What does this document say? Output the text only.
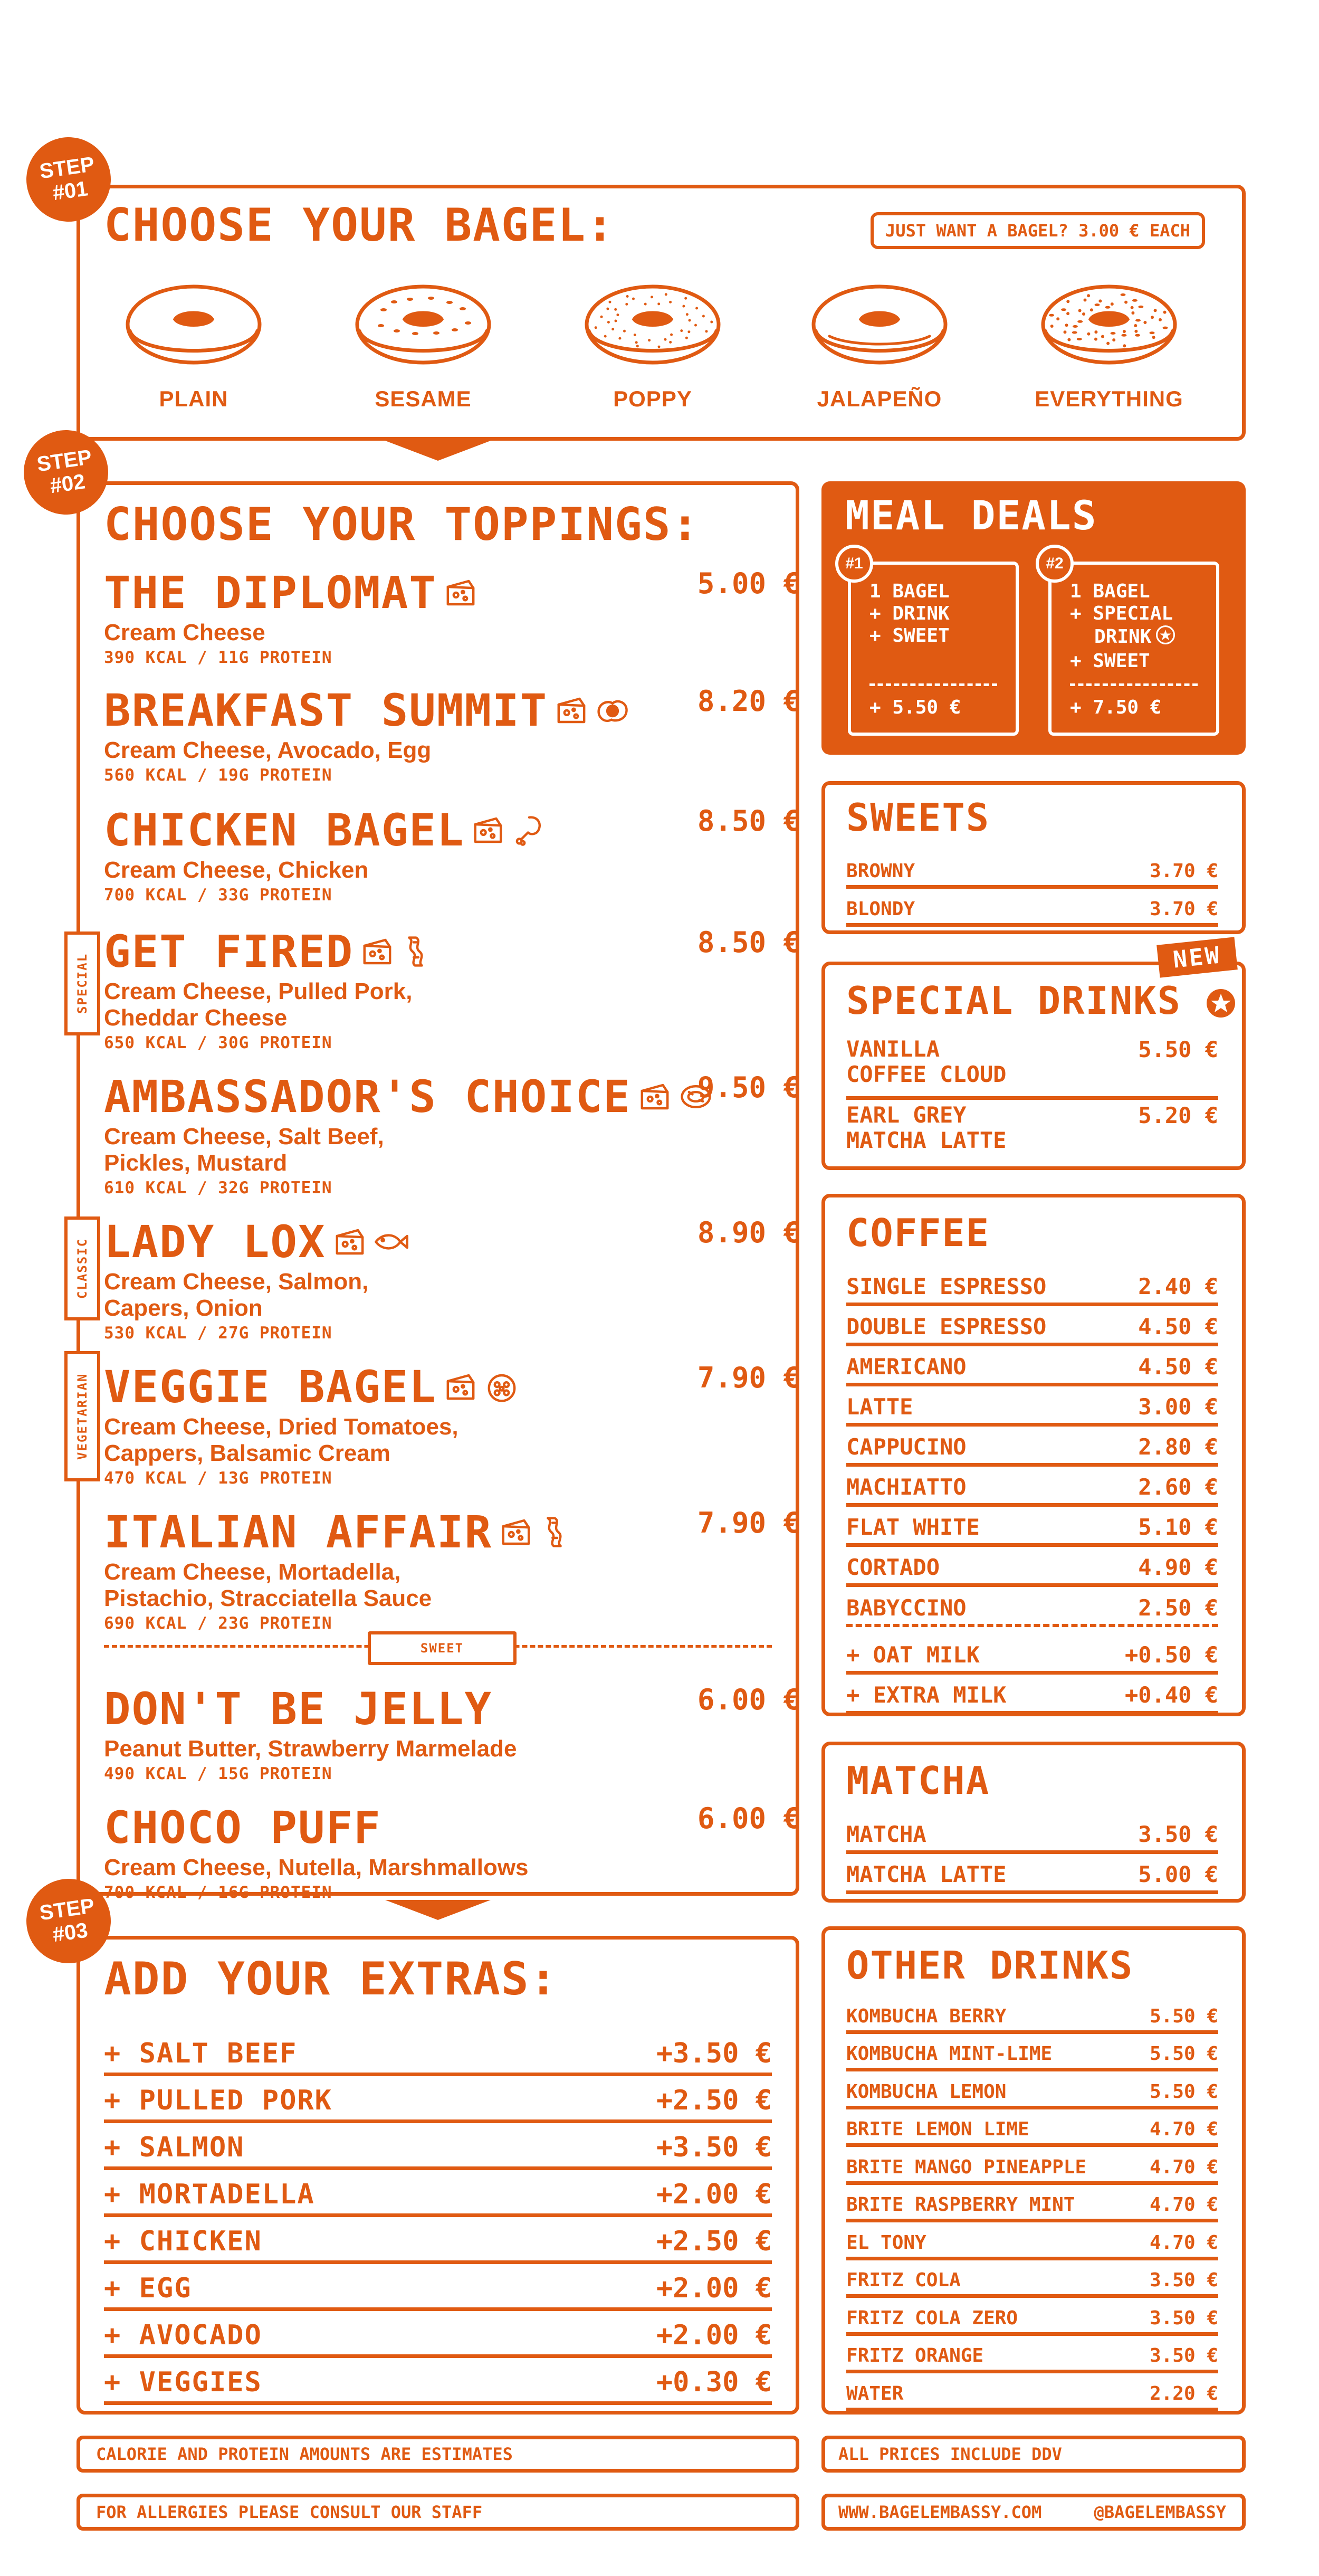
STEP
#01
CHOOSE YOUR BAGEL:	JUST WANT A BAGEL? 3.00 € EACH
PLAIN	SESAME	POPPY	JALAPEÑO	EVERYTHING
STEP
#02
CHOOSE YOUR TOPPINGS:
THE DIPLOMAT	5.00 €
Cream Cheese
390 KCAL / 11G PROTEIN
BREAKFAST SUMMIT	8.20 €
Cream Cheese, Avocado, Egg
560 KCAL / 19G PROTEIN
CHICKEN BAGEL	8.50 €
Cream Cheese, Chicken
700 KCAL / 33G PROTEIN
GET FIRED	8.50 €
Cream Cheese, Pulled Pork,
Cheddar Cheese
650 KCAL / 30G PROTEIN
AMBASSADOR'S CHOICE 9.50 €
Cream Cheese, Salt Beef,
Pickles, Mustard
610 KCAL / 32G PROTEIN
LADY LOX	8.90 €
Cream Cheese, Salmon,
Capers, Onion
530 KCAL / 27G PROTEIN
VEGGIE BAGEL	7.90 €
Cream Cheese, Dried Tomatoes,
Cappers, Balsamic Cream
470 KCAL / 13G PROTEIN
ITALIAN AFFAIR	7.90 €
Cream Cheese, Mortadella,
Pistachio, Stracciatella Sauce
690 KCAL / 23G PROTEIN
DON'T BE JELLY	6.00 €
Peanut Butter, Strawberry Marmelade
490 KCAL / 15G PROTEIN
CHOCO PUFF	6.00 €
Cream Cheese, Nutella, Marshmallows
700 KCAL / 16G PROTEIN
SWEET
SPECIAL
CLASSIC
VEGETARIAN
STEP
#03
ADD YOUR EXTRAS:
+ SALT BEEF	+3.50 €
+ PULLED PORK	+2.50 €
+ SALMON	+3.50 €
+ MORTADELLA	+2.00 €
+ CHICKEN	+2.50 €
+ EGG	+2.00 €
+ AVOCADO	+2.00 €
+ VEGGIES	+0.30 €
MEAL DEALS
#1
1 BAGEL
+ DRINK
+ SWEET
+ 5.50 €
#2
1 BAGEL
+ SPECIAL
DRINK
+ SWEET
+ 7.50 €
SWEETS
BROWNY	3.70 €
BLONDY	3.70 €
SPECIAL DRINKS
VANILLA
COFFEE CLOUD
5.50 €
EARL GREY
MATCHA LATTE
5.20 €
NEW
COFFEE
SINGLE ESPRESSO	2.40 €
DOUBLE ESPRESSO	4.50 €
AMERICANO	4.50 €
LATTE	3.00 €
CAPPUCINO	2.80 €
MACHIATTO	2.60 €
FLAT WHITE	5.10 €
CORTADO	4.90 €
BABYCCINO	2.50 €
+ OAT MILK	+0.50 €
+ EXTRA MILK	+0.40 €
MATCHA
MATCHA	3.50 €
MATCHA LATTE	5.00 €
OTHER DRINKS
KOMBUCHA BERRY	5.50 €
KOMBUCHA MINT-LIME	5.50 €
KOMBUCHA LEMON	5.50 €
BRITE LEMON LIME	4.70 €
BRITE MANGO PINEAPPLE	4.70 €
BRITE RASPBERRY MINT	4.70 €
EL TONY	4.70 €
FRITZ COLA	3.50 €
FRITZ COLA ZERO	3.50 €
FRITZ ORANGE	3.50 €
WATER	2.20 €
CALORIE AND PROTEIN AMOUNTS ARE ESTIMATES
FOR ALLERGIES PLEASE CONSULT OUR STAFF
ALL PRICES INCLUDE DDV
WWW.BAGELEMBASSY.COM	@BAGELEMBASSY
